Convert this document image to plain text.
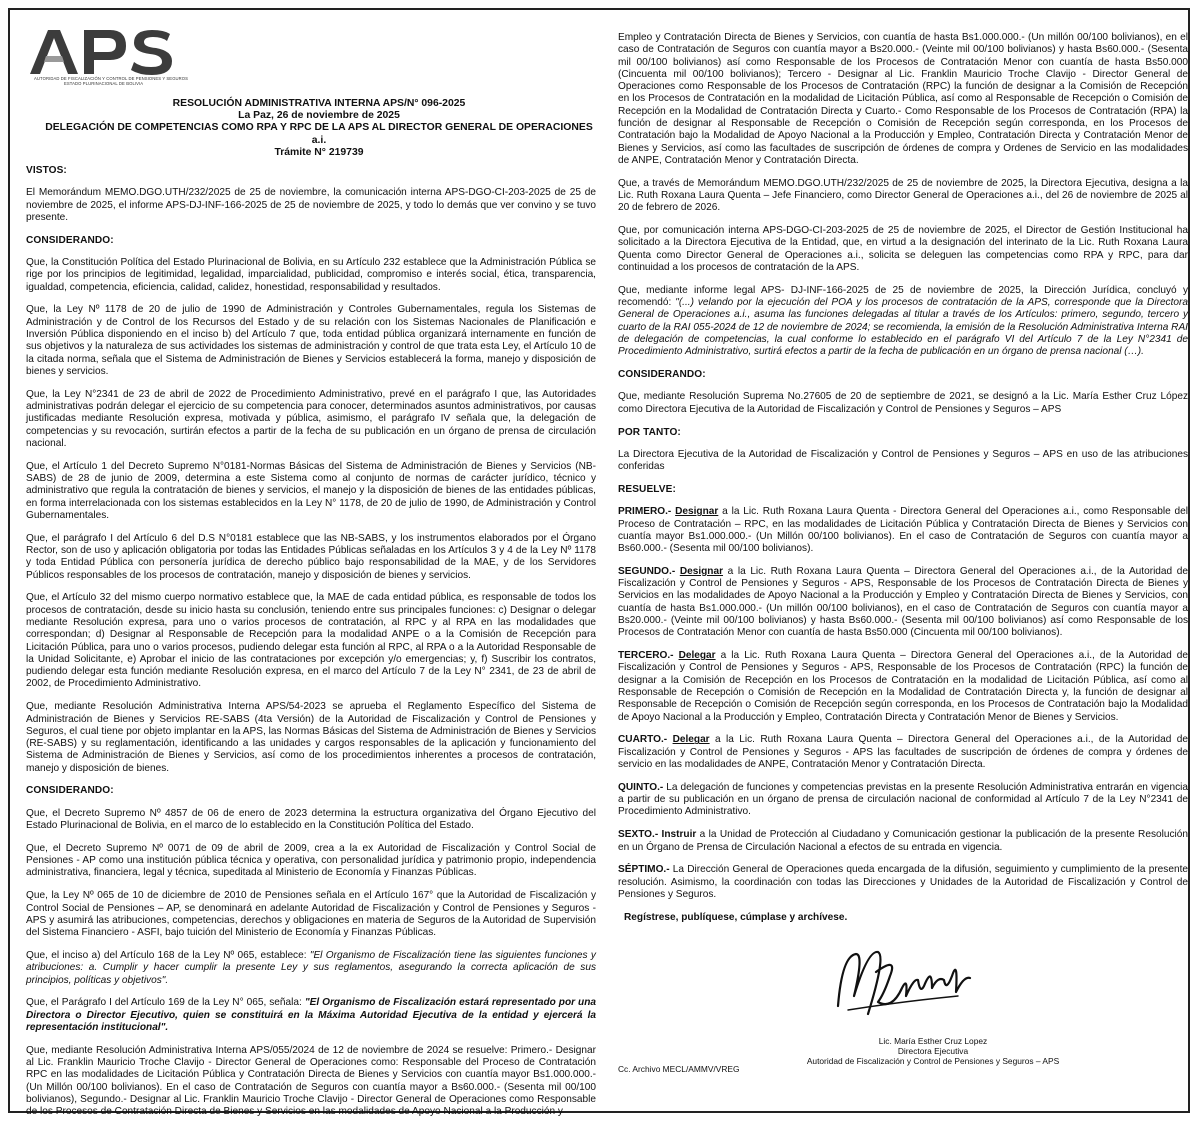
AUTORIDAD DE FISCALIZACIÓN Y CONTROL DE PENSIONES Y SEGUROS
ESTADO PLURINACIONAL DE BOLIVIA
RESOLUCIÓN ADMINISTRATIVA INTERNA APS/N° 096-2025
La Paz, 26 de noviembre de 2025
DELEGACIÓN DE COMPETENCIAS COMO RPA Y RPC DE LA APS AL DIRECTOR GENERAL DE OPERACIONES a.i.
Trámite N° 219739
VISTOS:

El Memorándum MEMO.DGO.UTH/232/2025 de 25 de noviembre, la comunicación interna APS-DGO-CI-203-2025 de 25 de noviembre de 2025, el informe APS-DJ-INF-166-2025 de 25 de noviembre de 2025, y todo lo demás que ver convino y se tuvo presente.

CONSIDERANDO:

Que, la Constitución Política del Estado Plurinacional de Bolivia, en su Artículo 232 establece que la Administración Pública se rige por los principios de legitimidad, legalidad, imparcialidad, publicidad, compromiso e interés social, ética, transparencia, igualdad, competencia, eficiencia, calidad, calidez, honestidad, responsabilidad y resultados.

Que, la Ley Nº 1178 de 20 de julio de 1990 de Administración y Controles Gubernamentales, regula los Sistemas de Administración y de Control de los Recursos del Estado y de su relación con los Sistemas Nacionales de Planificación e Inversión Pública disponiendo en el inciso b) del Artículo 7 que, toda entidad pública organizará internamente en función de sus objetivos y la naturaleza de sus actividades los sistemas de administración y control de que trata esta Ley, el Artículo 10 de la citada norma, señala que el Sistema de Administración de Bienes y Servicios establecerá la forma, manejo y disposición de bienes y servicios.

Que, la Ley N°2341 de 23 de abril de 2022 de Procedimiento Administrativo, prevé en el parágrafo I que, las Autoridades administrativas podrán delegar el ejercicio de su competencia para conocer, determinados asuntos administrativos, por causas justificadas mediante Resolución expresa, motivada y pública, asimismo, el parágrafo IV señala que, la delegación de competencias y su revocación, surtirán efectos a partir de la fecha de su publicación en un órgano de prensa de circulación nacional.

Que, el Artículo 1 del Decreto Supremo N°0181-Normas Básicas del Sistema de Administración de Bienes y Servicios (NB-SABS) de 28 de junio de 2009, determina a este Sistema como al conjunto de normas de carácter jurídico, técnico y administrativo que regula la contratación de bienes y servicios, el manejo y la disposición de bienes de las entidades públicas, en forma interrelacionada con los sistemas establecidos en la Ley N° 1178, de 20 de julio de 1990, de Administración y Control Gubernamentales.

Que, el parágrafo I del Artículo 6 del D.S N°0181 establece que las NB-SABS, y los instrumentos elaborados por el Órgano Rector, son de uso y aplicación obligatoria por todas las Entidades Públicas señaladas en los Artículos 3 y 4 de la Ley Nº 1178 y toda Entidad Pública con personería jurídica de derecho público bajo responsabilidad de la MAE, y de los Servidores Públicos responsables de los procesos de contratación, manejo y disposición de bienes y servicios.

Que, el Artículo 32 del mismo cuerpo normativo establece que, la MAE de cada entidad pública, es responsable de todos los procesos de contratación, desde su inicio hasta su conclusión, teniendo entre sus principales funciones: c) Designar o delegar mediante Resolución expresa, para uno o varios procesos de contratación, al RPC y al RPA en las modalidades que correspondan; d) Designar al Responsable de Recepción para la modalidad ANPE o a la Comisión de Recepción para Licitación Pública, para uno o varios procesos, pudiendo delegar esta función al RPC, al RPA o a la Autoridad Responsable de la Unidad Solicitante, e) Aprobar el inicio de las contrataciones por excepción y/o emergencias; y, f) Suscribir los contratos, pudiendo delegar esta función mediante Resolución expresa, en el marco del Artículo 7 de la Ley N° 2341, de 23 de abril de 2002, de Procedimiento Administrativo.

Que, mediante Resolución Administrativa Interna APS/54-2023 se aprueba el Reglamento Específico del Sistema de Administración de Bienes y Servicios RE-SABS (4ta Versión) de la Autoridad de Fiscalización y Control de Pensiones y Seguros, el cual tiene por objeto implantar en la APS, las Normas Básicas del Sistema de Administración de Bienes y Servicios (RE-SABS) y su reglamentación, identificando a las unidades y cargos responsables de la aplicación y funcionamiento del Sistema de Administración de Bienes y Servicios, así como de los procedimientos inherentes a procesos de contratación, manejo y disposición de bienes.

CONSIDERANDO:

Que, el Decreto Supremo Nº 4857 de 06 de enero de 2023 determina la estructura organizativa del Órgano Ejecutivo del Estado Plurinacional de Bolivia, en el marco de lo establecido en la Constitución Política del Estado.

Que, el Decreto Supremo Nº 0071 de 09 de abril de 2009, crea a la ex Autoridad de Fiscalización y Control Social de Pensiones - AP como una institución pública técnica y operativa, con personalidad jurídica y patrimonio propio, independencia administrativa, financiera, legal y técnica, supeditada al Ministerio de Economía y Finanzas Públicas.

Que, la Ley Nº 065 de 10 de diciembre de 2010 de Pensiones señala en el Artículo 167° que la Autoridad de Fiscalización y Control Social de Pensiones – AP, se denominará en adelante Autoridad de Fiscalización y Control de Pensiones y Seguros - APS y asumirá las atribuciones, competencias, derechos y obligaciones en materia de Seguros de la Autoridad de Supervisión del Sistema Financiero - ASFI, bajo tuición del Ministerio de Economía y Finanzas Públicas.

Que, el inciso a) del Artículo 168 de la Ley Nº 065, establece: "El Organismo de Fiscalización tiene las siguientes funciones y atribuciones: a. Cumplir y hacer cumplir la presente Ley y sus reglamentos, asegurando la correcta aplicación de sus principios, políticas y objetivos".

Que, el Parágrafo I del Artículo 169 de la Ley N° 065, señala: "El Organismo de Fiscalización estará representado por una Directora o Director Ejecutivo, quien se constituirá en la Máxima Autoridad Ejecutiva de la entidad y ejercerá la representación institucional".

Que, mediante Resolución Administrativa Interna APS/055/2024 de 12 de noviembre de 2024 se resuelve: Primero.- Designar al Lic. Franklin Mauricio Troche Clavijo - Director General de Operaciones como: Responsable del Proceso de Contratación RPC en las modalidades de Licitación Pública y Contratación Directa de Bienes y Servicios con cuantía mayor Bs1.000.000.- (Un Millón 00/100 bolivianos). En el caso de Contratación de Seguros con cuantía mayor a Bs60.000.- (Sesenta mil 00/100 bolivianos), Segundo.- Designar al Lic. Franklin Mauricio Troche Clavijo - Director General de Operaciones como Responsable de los Procesos de Contratación Directa de Bienes y Servicios en las modalidades de Apoyo Nacional a la Producción y

Empleo y Contratación Directa de Bienes y Servicios, con cuantía de hasta Bs1.000.000.- (Un millón 00/100 bolivianos), en el caso de Contratación de Seguros con cuantía mayor a Bs20.000.- (Veinte mil 00/100 bolivianos) y hasta Bs60.000.- (Sesenta mil 00/100 bolivianos) así como Responsable de los Procesos de Contratación Menor con cuantía de hasta Bs50.000 (Cincuenta mil 00/100 bolivianos); Tercero - Designar al Lic. Franklin Mauricio Troche Clavijo - Director General de Operaciones como Responsable de los Procesos de Contratación (RPC) la función de designar a la Comisión de Recepción en los Procesos de Contratación en la modalidad de Licitación Pública, así como al Responsable de Recepción o Comisión de Recepción en la Modalidad de Contratación Directa y Cuarto.- Como Responsable de los Procesos de Contratación (RPA) la función de designar al Responsable de Recepción o Comisión de Recepción según corresponda, en los Procesos de Contratación bajo la Modalidad de Apoyo Nacional a la Producción y Empleo, Contratación Directa y Contratación Menor de Bienes y Servicios, así como las facultades de suscripción de órdenes de compra y Ordenes de Servicio en las modalidades de ANPE, Contratación Menor y Contratación Directa.

Que, a través de Memorándum MEMO.DGO.UTH/232/2025 de 25 de noviembre de 2025, la Directora Ejecutiva, designa a la Lic. Ruth Roxana Laura Quenta – Jefe Financiero, como Director General de Operaciones a.i., del 26 de noviembre de 2025 al 20 de febrero de 2026.

Que, por comunicación interna APS-DGO-CI-203-2025 de 25 de noviembre de 2025, el Director de Gestión Institucional ha solicitado a la Directora Ejecutiva de la Entidad, que, en virtud a la designación del interinato de la Lic. Ruth Roxana Laura Quenta como Director General de Operaciones a.i., solicita se deleguen las competencias como RPA y RPC, para dar continuidad a los procesos de contratación de la APS.

Que, mediante informe legal APS- DJ-INF-166-2025 de 25 de noviembre de 2025, la Dirección Jurídica, concluyó y recomendó: "(...) velando por la ejecución del POA y los procesos de contratación de la APS, corresponde que la Directora General de Operaciones a.i., asuma las funciones delegadas al titular a través de los Artículos: primero, segundo, tercero y cuarto de la RAI 055-2024 de 12 de noviembre de 2024; se recomienda, la emisión de la Resolución Administrativa Interna RAI de delegación de competencias, la cual conforme lo establecido en el parágrafo VI del Artículo 7 de la Ley N°2341 de Procedimiento Administrativo, surtirá efectos a partir de la fecha de publicación en un órgano de prensa nacional (…).

CONSIDERANDO:

Que, mediante Resolución Suprema No.27605 de 20 de septiembre de 2021, se designó a la Lic. María Esther Cruz López como Directora Ejecutiva de la Autoridad de Fiscalización y Control de Pensiones y Seguros – APS

POR TANTO:

La Directora Ejecutiva de la Autoridad de Fiscalización y Control de Pensiones y Seguros – APS en uso de las atribuciones conferidas

RESUELVE:

PRIMERO.- Designar a la Lic. Ruth Roxana Laura Quenta - Directora General del Operaciones a.i., como Responsable del Proceso de Contratación – RPC, en las modalidades de Licitación Pública y Contratación Directa de Bienes y Servicios con cuantía mayor Bs1.000.000.- (Un Millón 00/100 bolivianos). En el caso de Contratación de Seguros con cuantía mayor a Bs60.000.- (Sesenta mil 00/100 bolivianos).

SEGUNDO.- Designar a la Lic. Ruth Roxana Laura Quenta – Directora General del Operaciones a.i., de la Autoridad de Fiscalización y Control de Pensiones y Seguros - APS, Responsable de los Procesos de Contratación Directa de Bienes y Servicios en las modalidades de Apoyo Nacional a la Producción y Empleo y Contratación Directa de Bienes y Servicios, con cuantía de hasta Bs1.000.000.- (Un millón 00/100 bolivianos), en el caso de Contratación de Seguros con cuantía mayor a Bs20.000.- (Veinte mil 00/100 bolivianos) y hasta Bs60.000.- (Sesenta mil 00/100 bolivianos) así como Responsable de los Procesos de Contratación Menor con cuantía de hasta Bs50.000 (Cincuenta mil 00/100 bolivianos).

TERCERO.- Delegar a la Lic. Ruth Roxana Laura Quenta – Directora General del Operaciones a.i., de la Autoridad de Fiscalización y Control de Pensiones y Seguros - APS, Responsable de los Procesos de Contratación (RPC) la función de designar a la Comisión de Recepción en los Procesos de Contratación en la modalidad de Licitación Pública, así como al Responsable de Recepción o Comisión de Recepción en la Modalidad de Contratación Directa y, la función de designar al Responsable de Recepción o Comisión de Recepción según corresponda, en los Procesos de Contratación bajo la Modalidad de Apoyo Nacional a la Producción y Empleo, Contratación Directa y Contratación Menor de Bienes y Servicios.

CUARTO.- Delegar a la Lic. Ruth Roxana Laura Quenta – Directora General del Operaciones a.i., de la Autoridad de Fiscalización y Control de Pensiones y Seguros - APS las facultades de suscripción de órdenes de compra y órdenes de servicio en las modalidades de ANPE, Contratación Menor y Contratación Directa.

QUINTO.- La delegación de funciones y competencias previstas en la presente Resolución Administrativa entrarán en vigencia a partir de su publicación en un órgano de prensa de circulación nacional de conformidad al Artículo 7 de la Ley N°2341 de Procedimiento Administrativo.

SEXTO.- Instruir a la Unidad de Protección al Ciudadano y Comunicación gestionar la publicación de la presente Resolución en un Órgano de Prensa de Circulación Nacional a efectos de su entrada en vigencia.

SÉPTIMO.- La Dirección General de Operaciones queda encargada de la difusión, seguimiento y cumplimiento de la presente resolución. Asimismo, la coordinación con todas las Direcciones y Unidades de la Autoridad de Fiscalización y Control de Pensiones y Seguros.

Regístrese, publíquese, cúmplase y archívese.
Lic. María Esther Cruz Lopez
Directora Ejecutiva
Autoridad de Fiscalización y Control de Pensiones y Seguros – APS
Cc. Archivo MECL/AMMV/VREG
